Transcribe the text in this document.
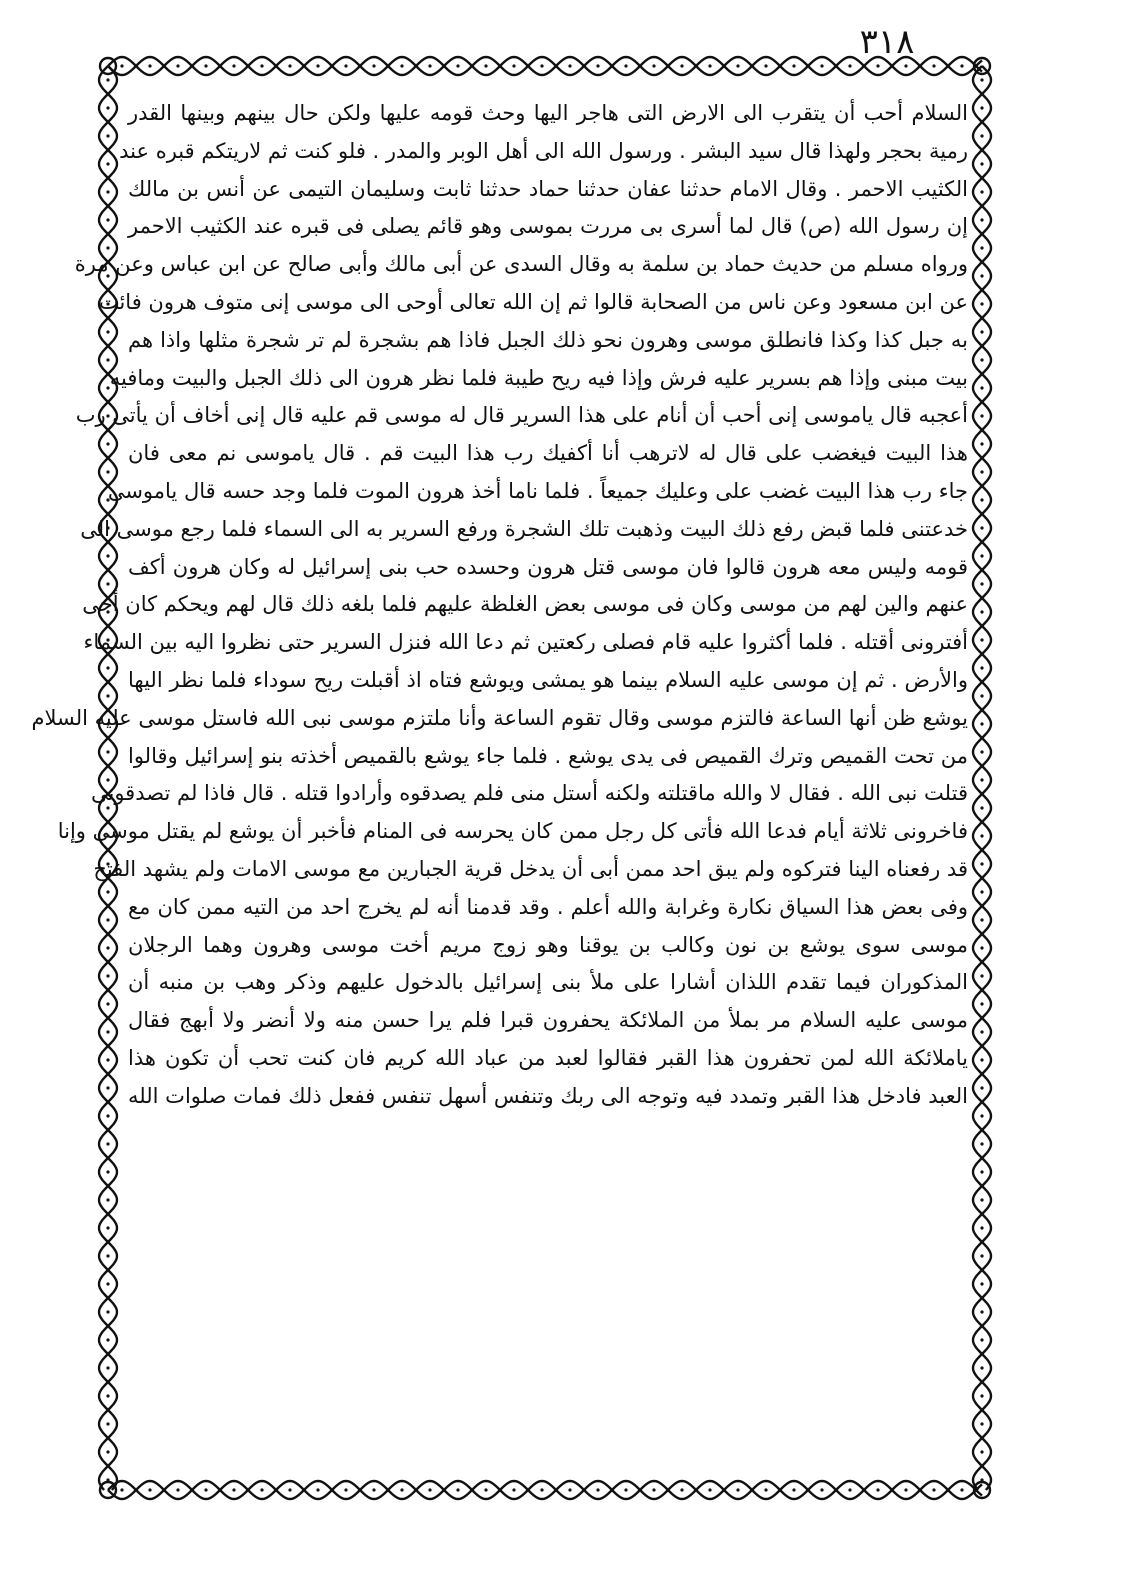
٣١٨
السلام أحب أن يتقرب الى الارض التى هاجر اليها وحث قومه عليها ولكن حال بينهم وبينها القدر
رمية بحجر ولهذا قال سيد البشر . ورسول الله الى أهل الوبر والمدر . فلو كنت ثم لاريتكم قبره عند
الكثيب الاحمر . وقال الامام حدثنا عفان حدثنا حماد حدثنا ثابت وسليمان التيمى عن أنس بن مالك
إن رسول الله (ص) قال لما أسرى بى مررت بموسى وهو قائم يصلى فى قبره عند الكثيب الاحمر
ورواه مسلم من حديث حماد بن سلمة به وقال السدى عن أبى مالك وأبى صالح عن ابن عباس وعن مرة
عن ابن مسعود وعن ناس من الصحابة قالوا ثم إن الله تعالى أوحى الى موسى إنى متوف هرون فائت
به جبل كذا وكذا فانطلق موسى وهرون نحو ذلك الجبل فاذا هم بشجرة لم تر شجرة مثلها واذا هم
بيت مبنى وإذا هم بسرير عليه فرش وإذا فيه ريح طيبة فلما نظر هرون الى ذلك الجبل والبيت ومافيه
أعجبه قال ياموسى إنى أحب أن أنام على هذا السرير قال له موسى قم عليه قال إنى أخاف أن يأتى رب
هذا البيت فيغضب على قال له لاترهب أنا أكفيك رب هذا البيت قم . قال ياموسى نم معى فان
جاء رب هذا البيت غضب على وعليك جميعاً . فلما ناما أخذ هرون الموت فلما وجد حسه قال ياموسى
خدعتنى فلما قبض رفع ذلك البيت وذهبت تلك الشجرة ورفع السرير به الى السماء فلما رجع موسى الى
قومه وليس معه هرون قالوا فان موسى قتل هرون وحسده حب بنى إسرائيل له وكان هرون أكف
عنهم والين لهم من موسى وكان فى موسى بعض الغلظة عليهم فلما بلغه ذلك قال لهم ويحكم كان أخى
أفترونى أقتله . فلما أكثروا عليه قام فصلى ركعتين ثم دعا الله فنزل السرير حتى نظروا اليه بين السماء
والأرض . ثم إن موسى عليه السلام بينما هو يمشى ويوشع فتاه اذ أقبلت ريح سوداء فلما نظر اليها
يوشع ظن أنها الساعة فالتزم موسى وقال تقوم الساعة وأنا ملتزم موسى نبى الله فاستل موسى عليه السلام
من تحت القميص وترك القميص فى يدى يوشع . فلما جاء يوشع بالقميص أخذته بنو إسرائيل وقالوا
قتلت نبى الله . فقال لا والله ماقتلته ولكنه أستل منى فلم يصدقوه وأرادوا قتله . قال فاذا لم تصدقونى
فاخرونى ثلاثة أيام فدعا الله فأتى كل رجل ممن كان يحرسه فى المنام فأخبر أن يوشع لم يقتل موسى وإنا
قد رفعناه الينا فتركوه ولم يبق احد ممن أبى أن يدخل قرية الجبارين مع موسى الامات ولم يشهد الفتح
وفى بعض هذا السياق نكارة وغرابة والله أعلم . وقد قدمنا أنه لم يخرج احد من التيه ممن كان مع
موسى سوى يوشع بن نون وكالب بن يوقنا وهو زوج مريم أخت موسى وهرون وهما الرجلان
المذكوران فيما تقدم اللذان أشارا على ملأ بنى إسرائيل بالدخول عليهم وذكر وهب بن منبه أن
موسى عليه السلام مر بملأ من الملائكة يحفرون قبرا فلم يرا حسن منه ولا أنضر ولا أبهج فقال
ياملائكة الله لمن تحفرون هذا القبر فقالوا لعبد من عباد الله كريم فان كنت تحب أن تكون هذا
العبد فادخل هذا القبر وتمدد فيه وتوجه الى ربك وتنفس أسهل تنفس ففعل ذلك فمات صلوات الله
